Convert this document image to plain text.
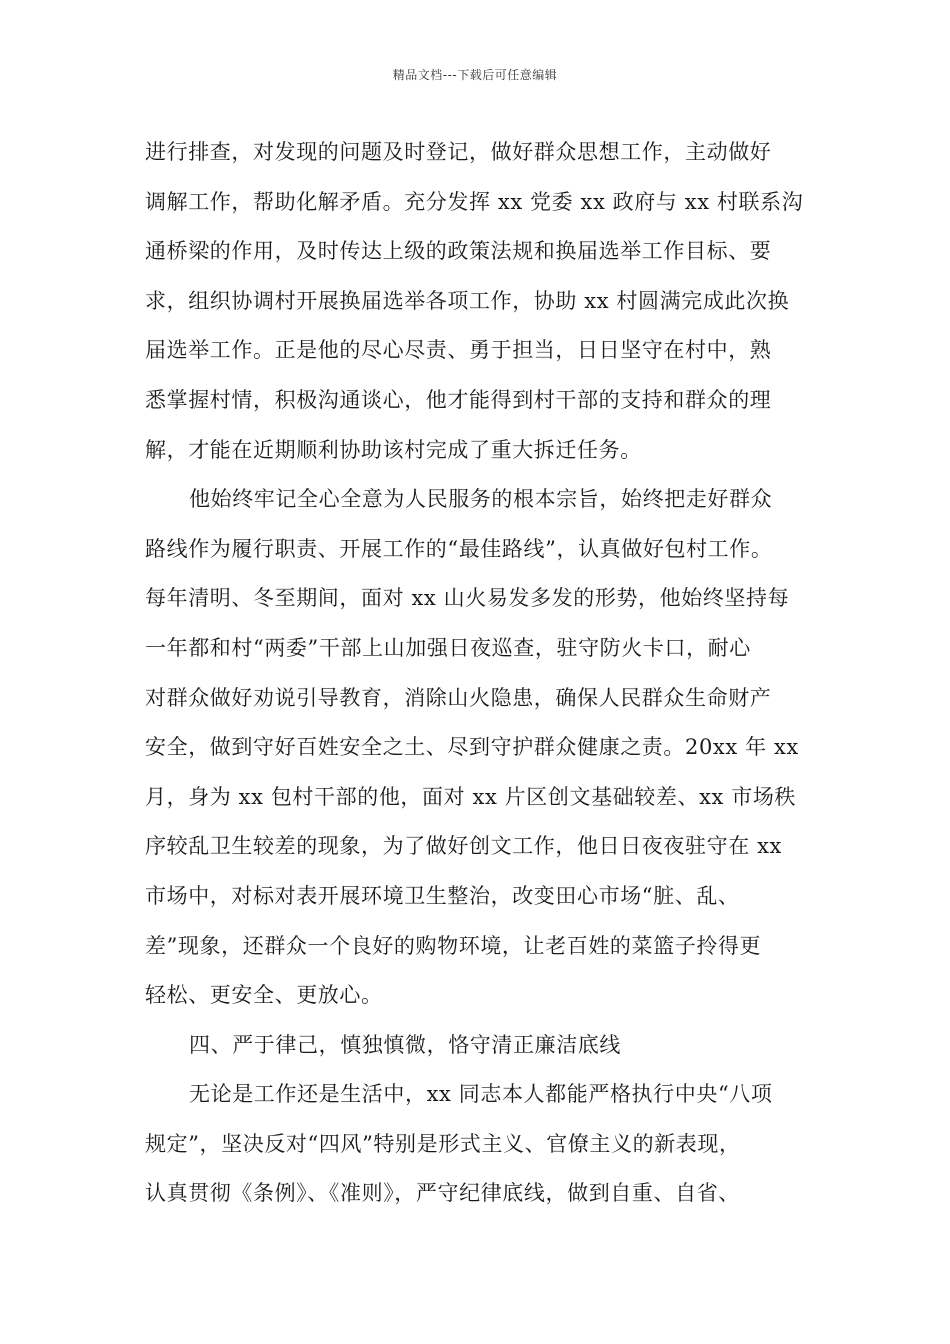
精品文档---下载后可任意编辑
进行排查，对发现的问题及时登记，做好群众思想工作，主动做好
调解工作，帮助化解矛盾。充分发挥 xx 党委 xx 政府与 xx 村联系沟
通桥梁的作用，及时传达上级的政策法规和换届选举工作目标、要
求，组织协调村开展换届选举各项工作，协助 xx 村圆满完成此次换
届选举工作。正是他的尽心尽责、勇于担当，日日坚守在村中，熟
悉掌握村情，积极沟通谈心，他才能得到村干部的支持和群众的理
解，才能在近期顺利协助该村完成了重大拆迁任务。
他始终牢记全心全意为人民服务的根本宗旨，始终把走好群众
路线作为履行职责、开展工作的“最佳路线”，认真做好包村工作。
每年清明、冬至期间，面对 xx 山火易发多发的形势，他始终坚持每
一年都和村“两委”干部上山加强日夜巡查，驻守防火卡口，耐心
对群众做好劝说引导教育，消除山火隐患，确保人民群众生命财产
安全，做到守好百姓安全之土、尽到守护群众健康之责。20xx 年 xx
月，身为 xx 包村干部的他，面对 xx 片区创文基础较差、xx 市场秩
序较乱卫生较差的现象，为了做好创文工作，他日日夜夜驻守在 xx
市场中，对标对表开展环境卫生整治，改变田心市场“脏、乱、
差”现象，还群众一个良好的购物环境，让老百姓的菜篮子拎得更
轻松、更安全、更放心。
四、严于律己，慎独慎微，恪守清正廉洁底线
无论是工作还是生活中，xx 同志本人都能严格执行中央“八项
规定”，坚决反对“四风”特别是形式主义、官僚主义的新表现，
认真贯彻《条例》、《准则》，严守纪律底线，做到自重、自省、
